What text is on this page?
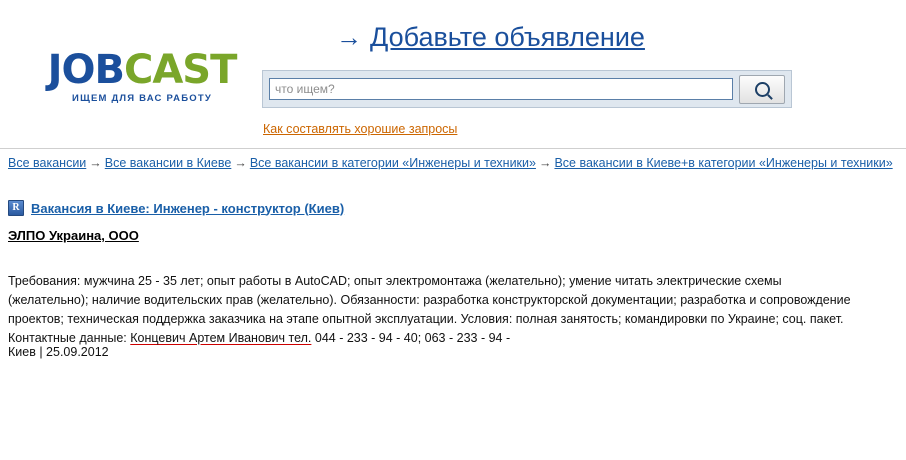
JOBCAST
ИЩЕМ ДЛЯ ВАС РАБОТУ
→ Добавьте объявление
что ищем?
Как составлять хорошие запросы
Все вакансии → Все вакансии в Киеве → Все вакансии в категории «Инженеры и техники» → Все вакансии в Киеве+в категории «Инженеры и техники»
R Вакансия в Киеве: Инженер - конструктор (Киев)
ЭЛПО Украина, ООО
Требования: мужчина 25 - 35 лет; опыт работы в AutoCAD; опыт электромонтажа (желательно); умение читать электрические схемы (желательно); наличие водительских прав (желательно). Обязанности: разработка конструкторской документации; разработка и сопровождение проектов; техническая поддержка заказчика на этапе опытной эксплуатации. Условия: полная занятость; командировки по Украине; соц. пакет. Контактные данные: Концевич Артем Иванович тел. 044 - 233 - 94 - 40; 063 - 233 - 94 -
Киев | 25.09.2012
